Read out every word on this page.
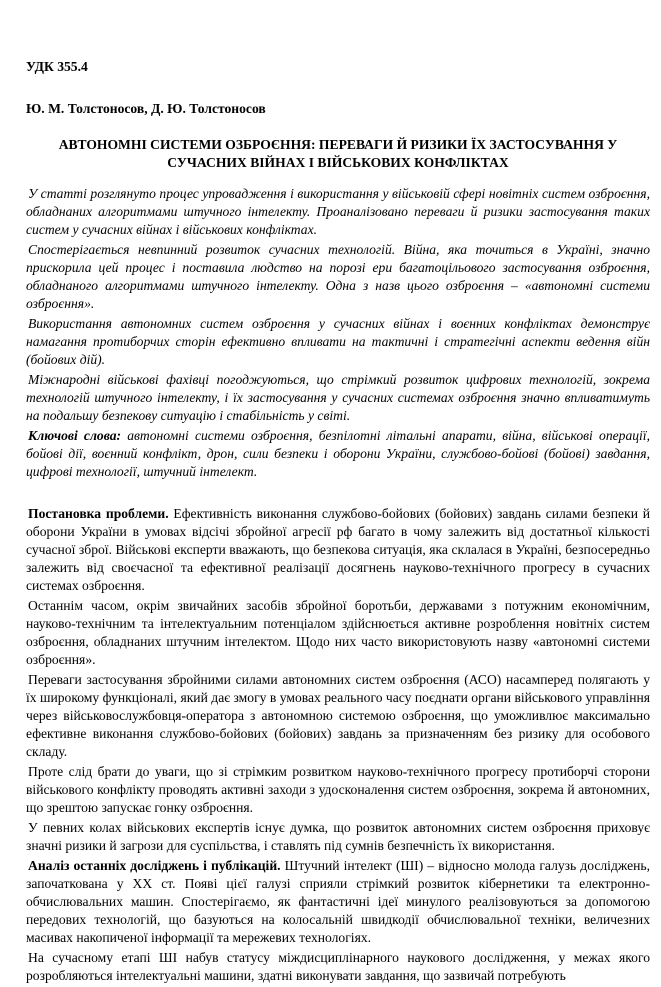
УДК 355.4

Ю. М. Толстоносов, Д. Ю. Толстоносов

АВТОНОМНІ СИСТЕМИ ОЗБРОЄННЯ: ПЕРЕВАГИ Й РИЗИКИ ЇХ ЗАСТОСУВАННЯ У СУЧАСНИХ ВІЙНАХ І ВІЙСЬКОВИХ КОНФЛІКТАХ

У статті розглянуто процес упровадження і використання у військовій сфері новітніх систем озброєння, обладнаних алгоритмами штучного інтелекту. Проаналізовано переваги й ризики застосування таких систем у сучасних війнах і військових конфліктах.

Спостерігається невпинний розвиток сучасних технологій. Війна, яка точиться в Україні, значно прискорила цей процес і поставила людство на порозі ери багатоцільового застосування озброєння, обладнаного алгоритмами штучного інтелекту. Одна з назв цього озброєння – «автономні системи озброєння».

Використання автономних систем озброєння у сучасних війнах і воєнних конфліктах демонструє намагання протиборчих сторін ефективно впливати на тактичні і стратегічні аспекти ведення війн (бойових дій).

Міжнародні військові фахівці погоджуються, що стрімкий розвиток цифрових технологій, зокрема технологій штучного інтелекту, і їх застосування у сучасних системах озброєння значно впливатимуть на подальшу безпекову ситуацію і стабільність у світі.

Ключові слова: автономні системи озброєння, безпілотні літальні апарати, війна, військові операції, бойові дії, воєнний конфлікт, дрон, сили безпеки і оборони України, службово-бойові (бойові) завдання, цифрові технології, штучний інтелект.

Постановка проблеми. Ефективність виконання службово-бойових (бойових) завдань силами безпеки й оборони України в умовах відсічі збройної агресії рф багато в чому залежить від достатньої кількості сучасної зброї. Військові експерти вважають, що безпекова ситуація, яка склалася в Україні, безпосередньо залежить від своєчасної та ефективної реалізації досягнень науково-технічного прогресу в сучасних системах озброєння.

Останнім часом, окрім звичайних засобів збройної боротьби, державами з потужним економічним, науково-технічним та інтелектуальним потенціалом здійснюється активне розроблення новітніх систем озброєння, обладнаних штучним інтелектом. Щодо них часто використовують назву «автономні системи озброєння».

Переваги застосування збройними силами автономних систем озброєння (АСО) насамперед полягають у їх широкому функціоналі, який дає змогу в умовах реального часу поєднати органи військового управління через військовослужбовця-оператора з автономною системою озброєння, що уможливлює максимально ефективне виконання службово-бойових (бойових) завдань за призначенням без ризику для особового складу.

Проте слід брати до уваги, що зі стрімким розвитком науково-технічного прогресу протиборчі сторони військового конфлікту проводять активні заходи з удосконалення систем озброєння, зокрема й автономних, що зрештою запускає гонку озброєння.

У певних колах військових експертів існує думка, що розвиток автономних систем озброєння приховує значні ризики й загрози для суспільства, і ставлять під сумнів безпечність їх використання.

Аналіз останніх досліджень і публікацій. Штучний інтелект (ШІ) – відносно молода галузь досліджень, започаткована у ХХ ст. Появі цієї галузі сприяли стрімкий розвиток кібернетики та електронно-обчислювальних машин. Спостерігаємо, як фантастичні ідеї минулого реалізовуються за допомогою передових технологій, що базуються на колосальній швидкодії обчислювальної техніки, величезних масивах накопиченої інформації та мережевих технологіях.

На сучасному етапі ШІ набув статусу міждисциплінарного наукового дослідження, у межах якого розробляються інтелектуальні машини, здатні виконувати завдання, що зазвичай потребують
